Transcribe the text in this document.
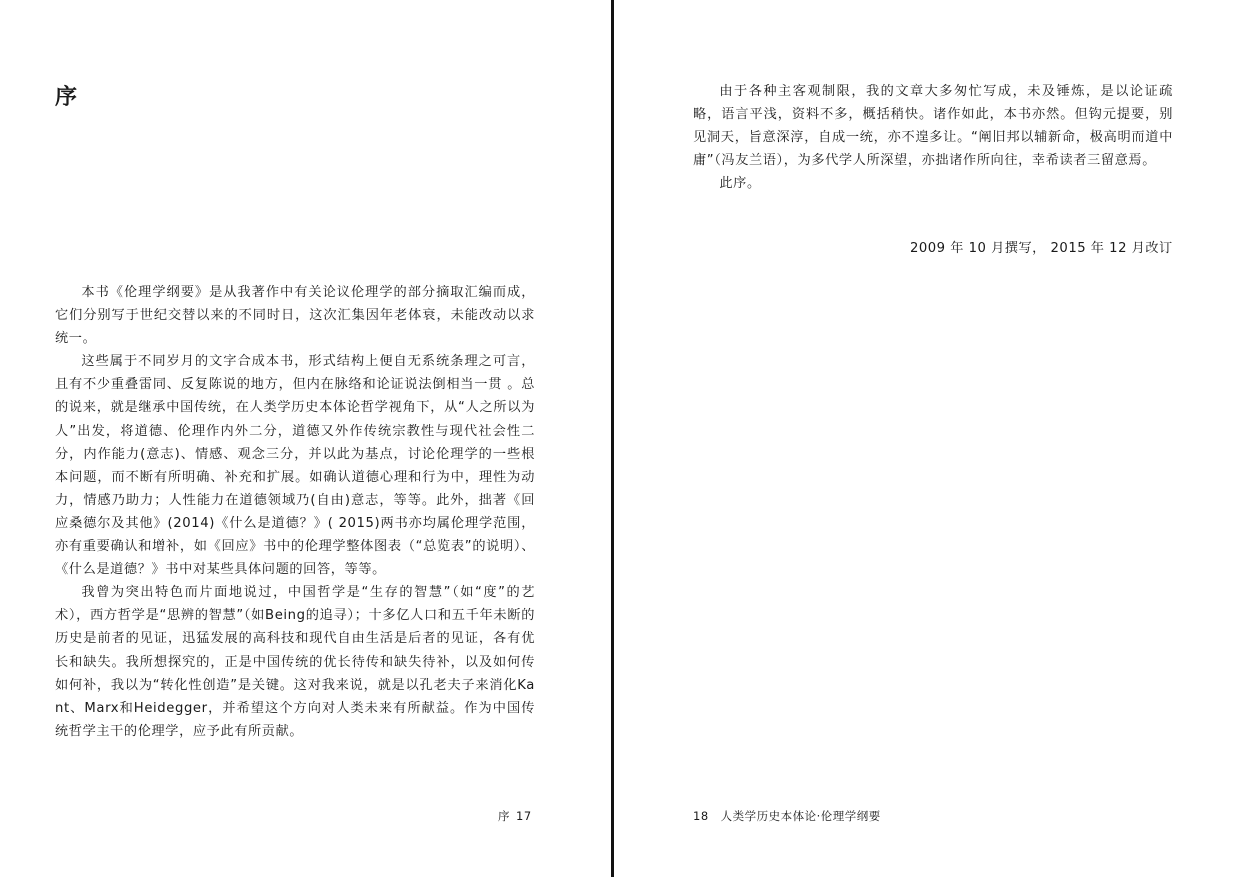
序

本书《伦理学纲要》是从我著作中有关论议伦理学的部分摘取汇编而成，它们分别写于世纪交替以来的不同时日，这次汇集因年老体衰，未能改动以求统一。

这些属于不同岁月的文字合成本书，形式结构上便自无系统条理之可言，且有不少重叠雷同、反复陈说的地方，但内在脉络和论证说法倒相当一贯 。总的说来，就是继承中国传统，在人类学历史本体论哲学视角下，从“人之所以为人”出发，将道德、伦理作内外二分，道德又外作传统宗教性与现代社会性二分，内作能力(意志)、情感、观念三分，并以此为基点，讨论伦理学的一些根本问题，而不断有所明确、补充和扩展。如确认道德心理和行为中，理性为动力，情感乃助力；人性能力在道德领域乃(自由)意志，等等。此外，拙著《回应桑德尔及其他》(2014)《什么是道德？》( 2015)两书亦均属伦理学范围，亦有重要确认和增补，如《回应》书中的伦理学整体图表（“总览表”的说明）、《什么是道德？》书中对某些具体问题的回答，等等。

我曾为突出特色而片面地说过，中国哲学是“生存的智慧”（如“度”的艺术），西方哲学是“思辨的智慧”（如Being的追寻）；十多亿人口和五千年未断的历史是前者的见证，迅猛发展的高科技和现代自由生活是后者的见证，各有优长和缺失。我所想探究的，正是中国传统的优长待传和缺失待补，以及如何传如何补，我以为“转化性创造”是关键。这对我来说，就是以孔老夫子来消化Kant、Marx和Heidegger，并希望这个方向对人类未来有所献益。作为中国传统哲学主干的伦理学，应予此有所贡献。

序 17

由于各种主客观制限，我的文章大多匆忙写成，未及锤炼，是以论证疏略，语言平浅，资料不多，概括稍快。诸作如此，本书亦然。但钩元提要，别见洞天，旨意深淳，自成一统，亦不遑多让。“阐旧邦以辅新命，极高明而道中庸”（冯友兰语），为多代学人所深望，亦拙诸作所向往，幸希读者三留意焉。

此序。

2009 年 10 月撰写， 2015 年 12 月改订
18 人类学历史本体论·伦理学纲要
